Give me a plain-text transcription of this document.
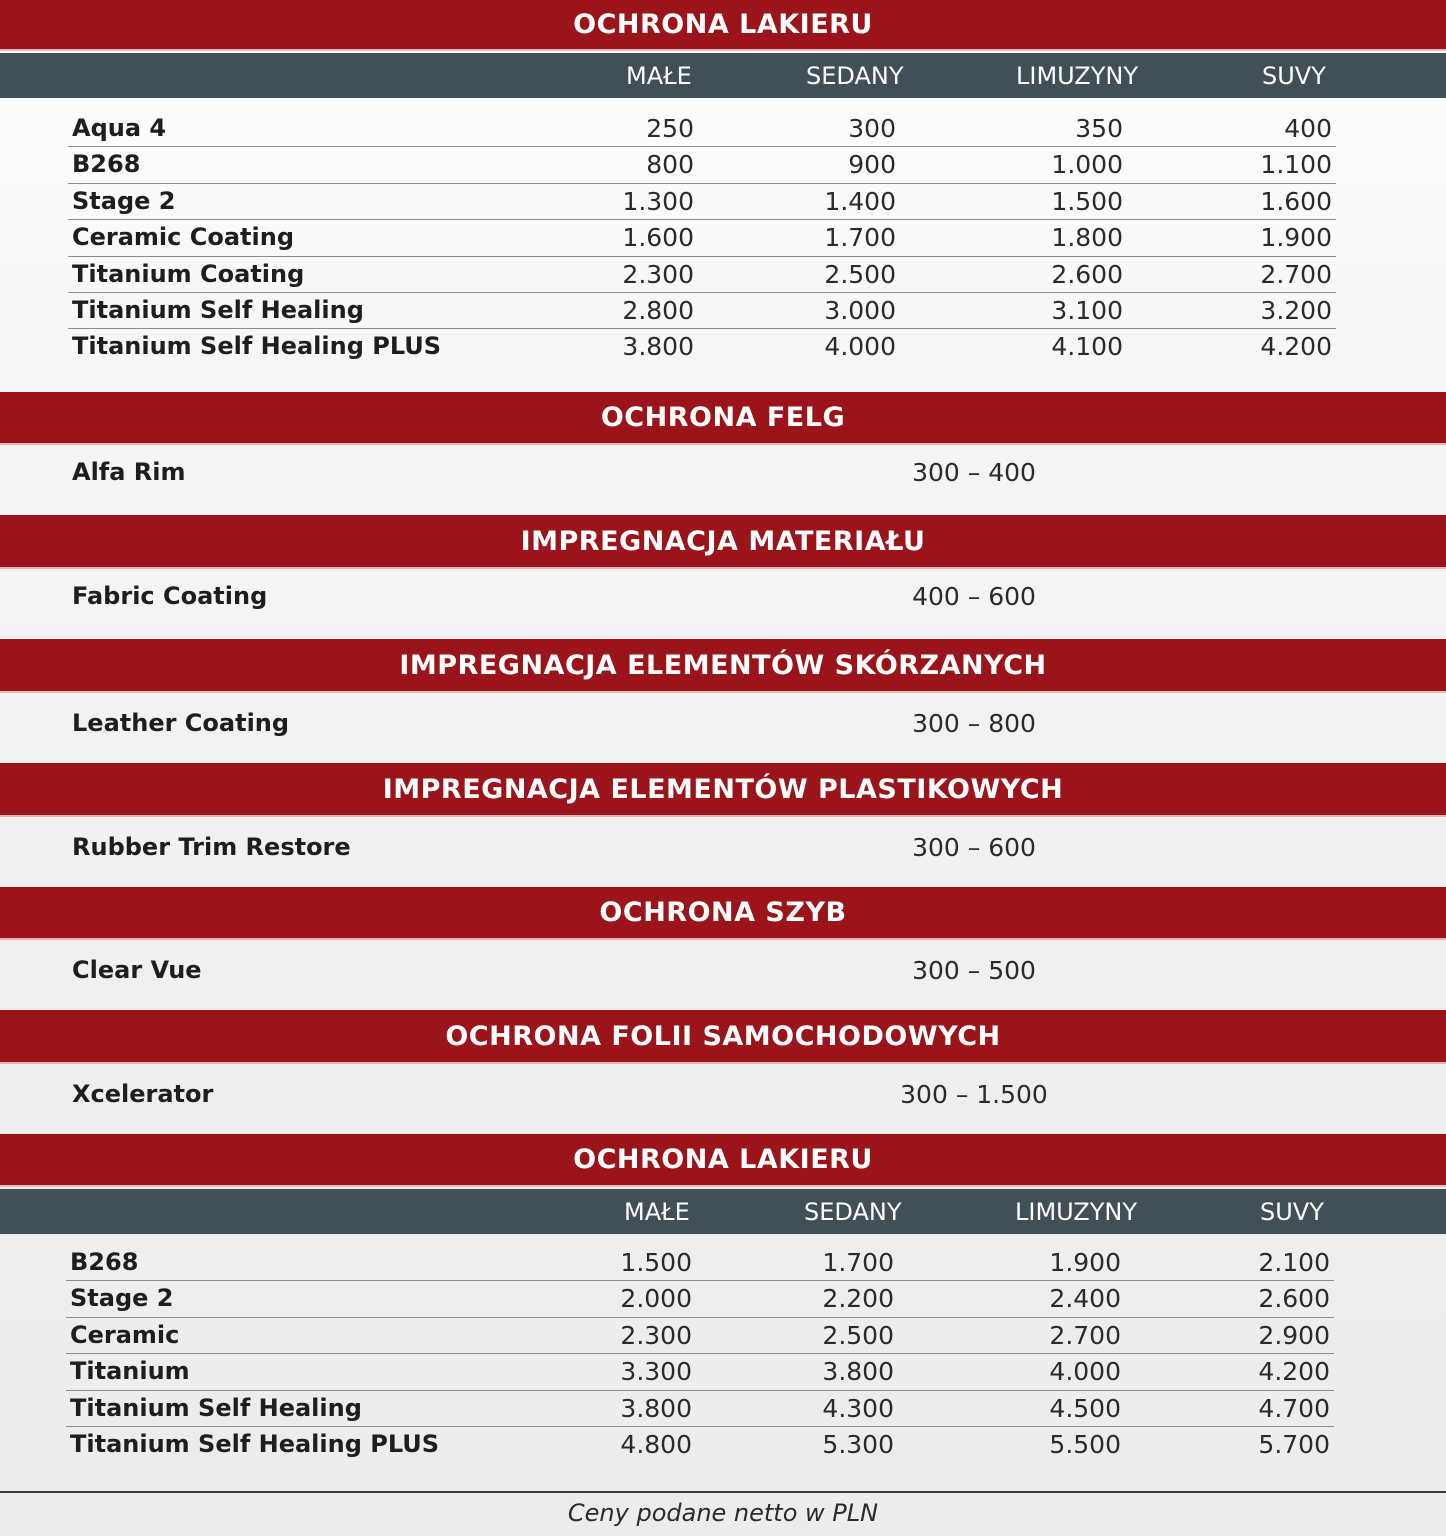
OCHRONA LAKIERU
MAŁE	SEDANY	LIMUZYNY	SUVY
Aqua 4	250	300	350	400
B268	800	900	1.000	1.100
Stage 2	1.300	1.400	1.500	1.600
Ceramic Coating	1.600	1.700	1.800	1.900
Titanium Coating	2.300	2.500	2.600	2.700
Titanium Self Healing	2.800	3.000	3.100	3.200
Titanium Self Healing PLUS	3.800	4.000	4.100	4.200
OCHRONA FELG
Alfa Rim	300 – 400
IMPREGNACJA MATERIAŁU
Fabric Coating	400 – 600
IMPREGNACJA ELEMENTÓW SKÓRZANYCH
Leather Coating	300 – 800
IMPREGNACJA ELEMENTÓW PLASTIKOWYCH
Rubber Trim Restore	300 – 600
OCHRONA SZYB
Clear Vue	300 – 500
OCHRONA FOLII SAMOCHODOWYCH
Xcelerator	300 – 1.500
OCHRONA LAKIERU
MAŁE	SEDANY	LIMUZYNY	SUVY
B268	1.500	1.700	1.900	2.100
Stage 2	2.000	2.200	2.400	2.600
Ceramic	2.300	2.500	2.700	2.900
Titanium	3.300	3.800	4.000	4.200
Titanium Self Healing	3.800	4.300	4.500	4.700
Titanium Self Healing PLUS	4.800	5.300	5.500	5.700
Ceny podane netto w PLN
